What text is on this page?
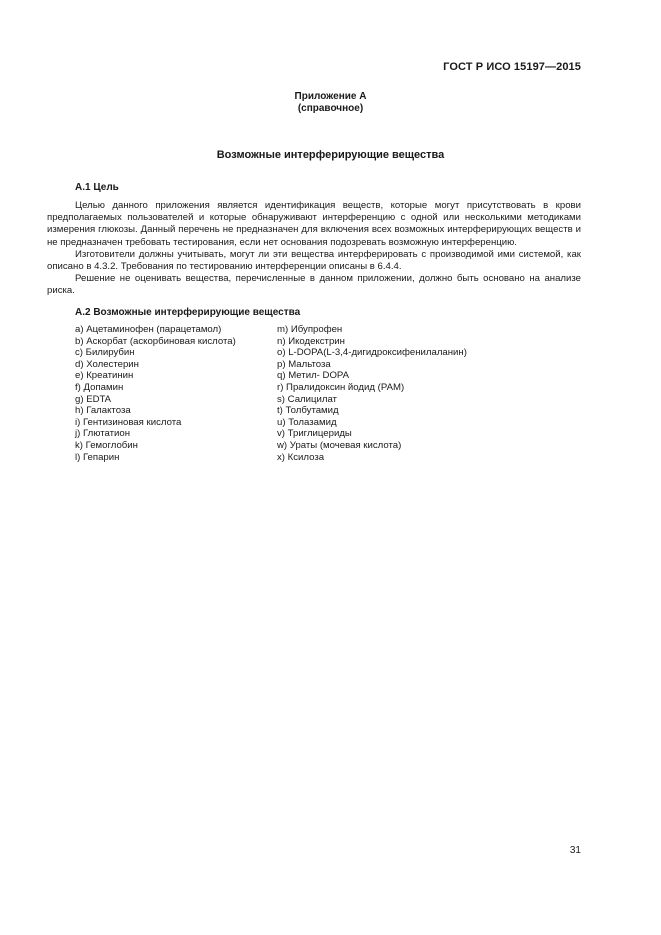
ГОСТ Р ИСО 15197—2015
Приложение А
(справочное)
Возможные интерферирующие вещества
А.1 Цель

Целью данного приложения является идентификация веществ, которые могут присутствовать в крови предполагаемых пользователей и которые обнаруживают интерференцию с одной или несколькими методиками измерения глюкозы. Данный перечень не предназначен для включения всех возможных интерферирующих веществ и не предназначен требовать тестирования, если нет основания подозревать возможную интерференцию.

Изготовители должны учитывать, могут ли эти вещества интерферировать с производимой ими системой, как описано в 4.3.2. Требования по тестированию интерференции описаны в 6.4.4.

Решение не оценивать вещества, перечисленные в данном приложении, должно быть основано на анализе риска.

А.2 Возможные интерферирующие вещества
a) Ацетаминофен (парацетамол)
b) Аскорбат (аскорбиновая кислота)
c) Билирубин
d) Холестерин
e) Креатинин
f) Допамин
g) EDTA
h) Галактоза
i) Гентизиновая кислота
j) Глютатион
k) Гемоглобин
l) Гепарин
m) Ибупрофен
n) Икодекстрин
o) L-DOPA(L-3,4-дигидроксифенилаланин)
p) Мальтоза
q) Метил- DOPA
r) Пралидоксин йодид (РАМ)
s) Салицилат
t) Толбутамид
u) Толазамид
v) Триглицериды
w) Ураты (мочевая кислота)
x) Ксилоза
31
